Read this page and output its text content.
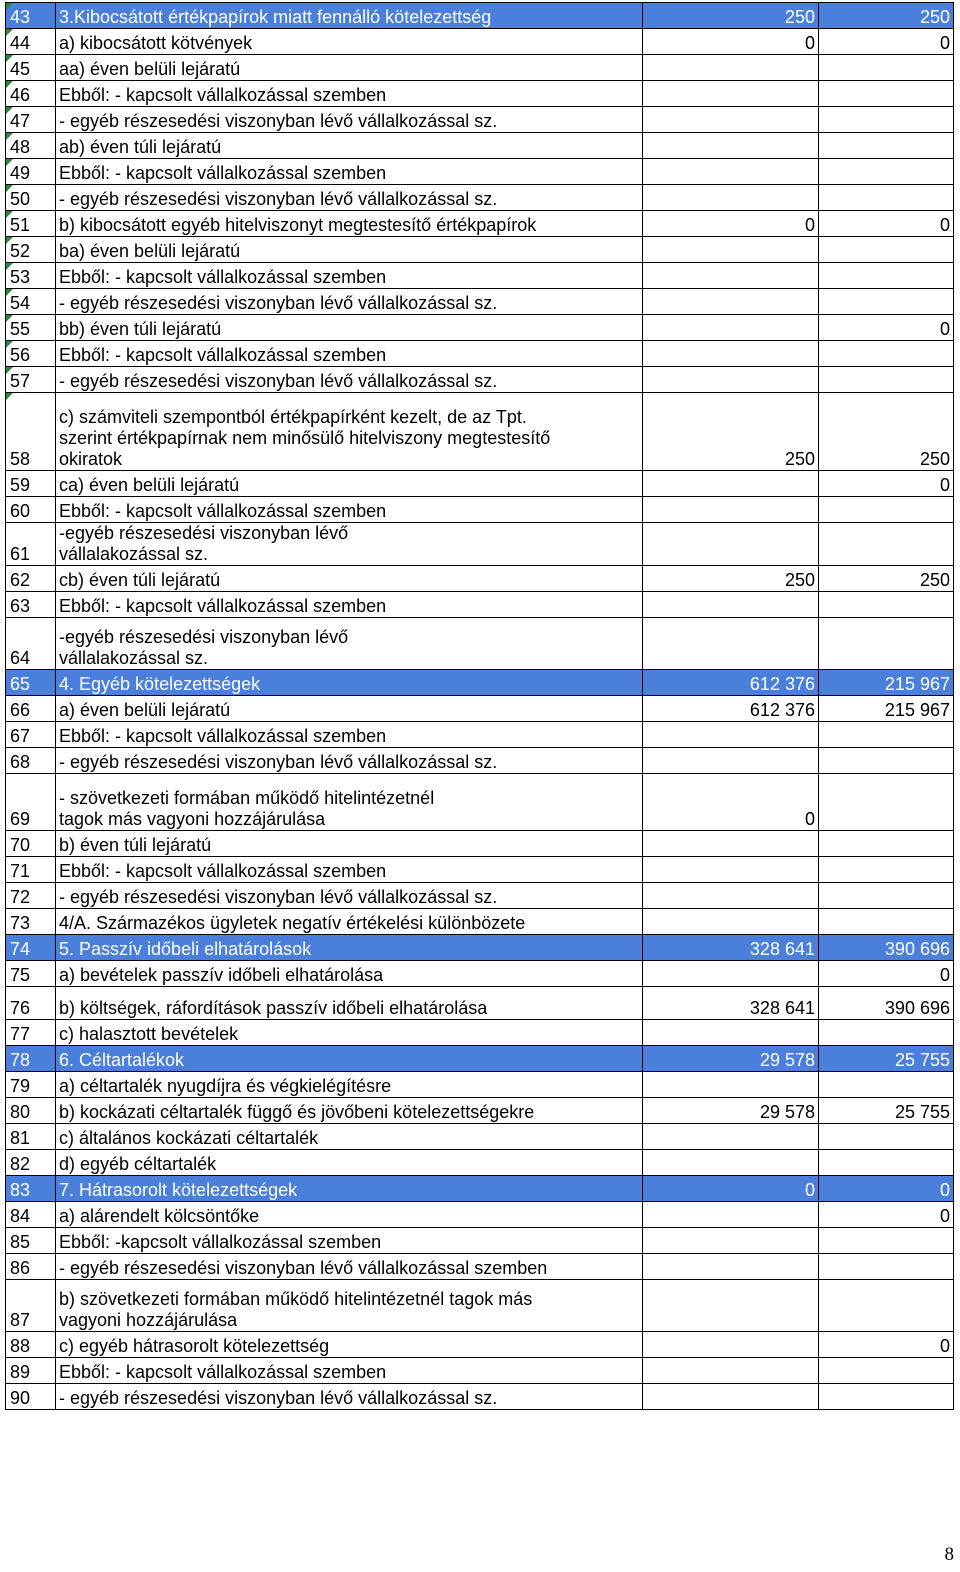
43	3.Kibocsátott értékpapírok miatt fennálló kötelezettség	250	250
44	a) kibocsátott kötvények	0	0
45	aa) éven belüli lejáratú		
46	Ebből: - kapcsolt vállalkozással szemben		
47	- egyéb részesedési viszonyban lévő vállalkozással sz.		
48	ab) éven túli lejáratú		
49	Ebből: - kapcsolt vállalkozással szemben		
50	- egyéb részesedési viszonyban lévő vállalkozással sz.		
51	b) kibocsátott egyéb hitelviszonyt megtestesítő értékpapírok	0	0
52	ba) éven belüli lejáratú		
53	Ebből: - kapcsolt vállalkozással szemben		
54	- egyéb részesedési viszonyban lévő vállalkozással sz.		
55	bb) éven túli lejáratú		0
56	Ebből: - kapcsolt vállalkozással szemben		
57	- egyéb részesedési viszonyban lévő vállalkozással sz.		
58	c) számviteli szempontból értékpapírként kezelt, de az Tpt.
szerint értékpapírnak nem minősülő hitelviszony megtestesítő
okiratok	250	250
59	ca) éven belüli lejáratú		0
60	Ebből: - kapcsolt vállalkozással szemben		
61	-egyéb részesedési viszonyban lévő
vállalakozással sz.		
62	cb) éven túli lejáratú	250	250
63	Ebből: - kapcsolt vállalkozással szemben		
64	-egyéb részesedési viszonyban lévő
vállalakozással sz.		
65	4. Egyéb kötelezettségek	612 376	215 967
66	a) éven belüli lejáratú	612 376	215 967
67	Ebből: - kapcsolt vállalkozással szemben		
68	- egyéb részesedési viszonyban lévő vállalkozással sz.		
69	- szövetkezeti formában működő hitelintézetnél
tagok más vagyoni hozzájárulása	0	
70	b) éven túli lejáratú		
71	Ebből: - kapcsolt vállalkozással szemben		
72	- egyéb részesedési viszonyban lévő vállalkozással sz.		
73	4/A. Származékos ügyletek negatív értékelési különbözete		
74	5. Passzív időbeli elhatárolások	328 641	390 696
75	a) bevételek passzív időbeli elhatárolása		0
76	b) költségek, ráfordítások passzív időbeli elhatárolása	328 641	390 696
77	c) halasztott bevételek		
78	6. Céltartalékok	29 578	25 755
79	a) céltartalék nyugdíjra és végkielégítésre		
80	b) kockázati céltartalék függő és jövőbeni kötelezettségekre	29 578	25 755
81	c) általános kockázati céltartalék		
82	d) egyéb céltartalék		
83	7. Hátrasorolt kötelezettségek	0	0
84	a) alárendelt kölcsöntőke		0
85	Ebből: -kapcsolt vállalkozással szemben		
86	- egyéb részesedési viszonyban lévő vállalkozással szemben		
87	b) szövetkezeti formában működő hitelintézetnél tagok más
vagyoni hozzájárulása		
88	c) egyéb hátrasorolt kötelezettség		0
89	Ebből: - kapcsolt vállalkozással szemben		
90	- egyéb részesedési viszonyban lévő vállalkozással sz.		
8
